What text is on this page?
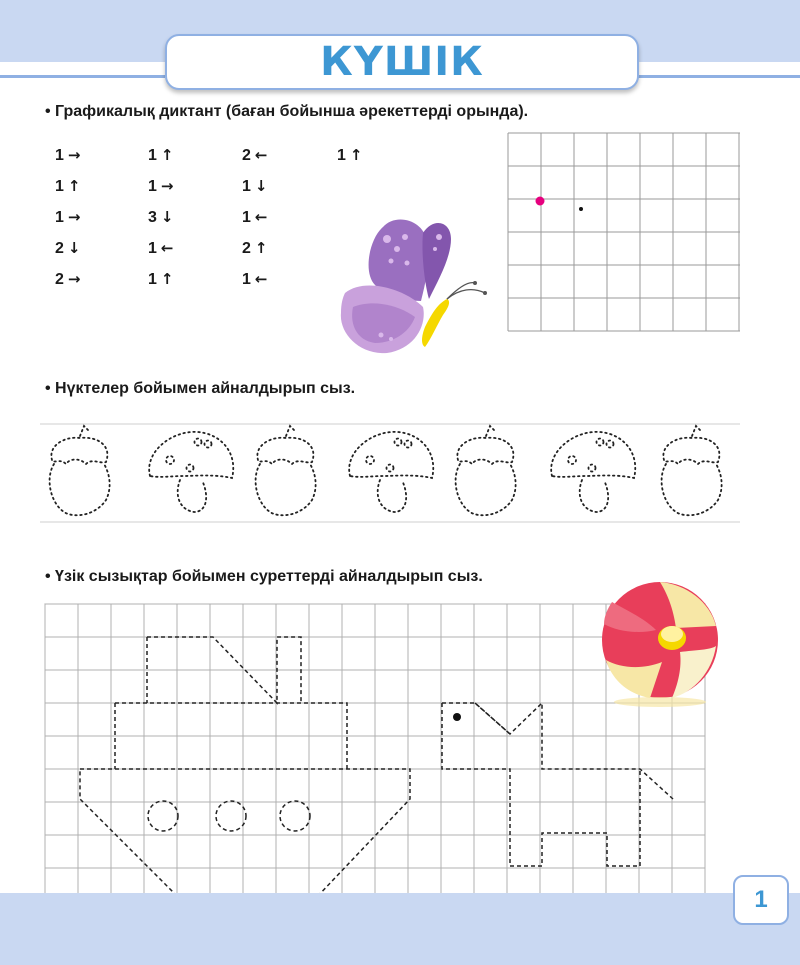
КҮШІК
• Графикалық диктант (баған бойынша әрекеттерді орында).
1 →
1 ↑
1 →
2 ↓
2 →
1 ↑
1 →
3 ↓
1 ←
1 ↑
2 ←
1 ↓
1 ←
2 ↑
1 ←
1 ↑
• Нүктелер бойымен айналдырып сыз.
• Үзік сызықтар бойымен суреттерді айналдырып сыз.
1
